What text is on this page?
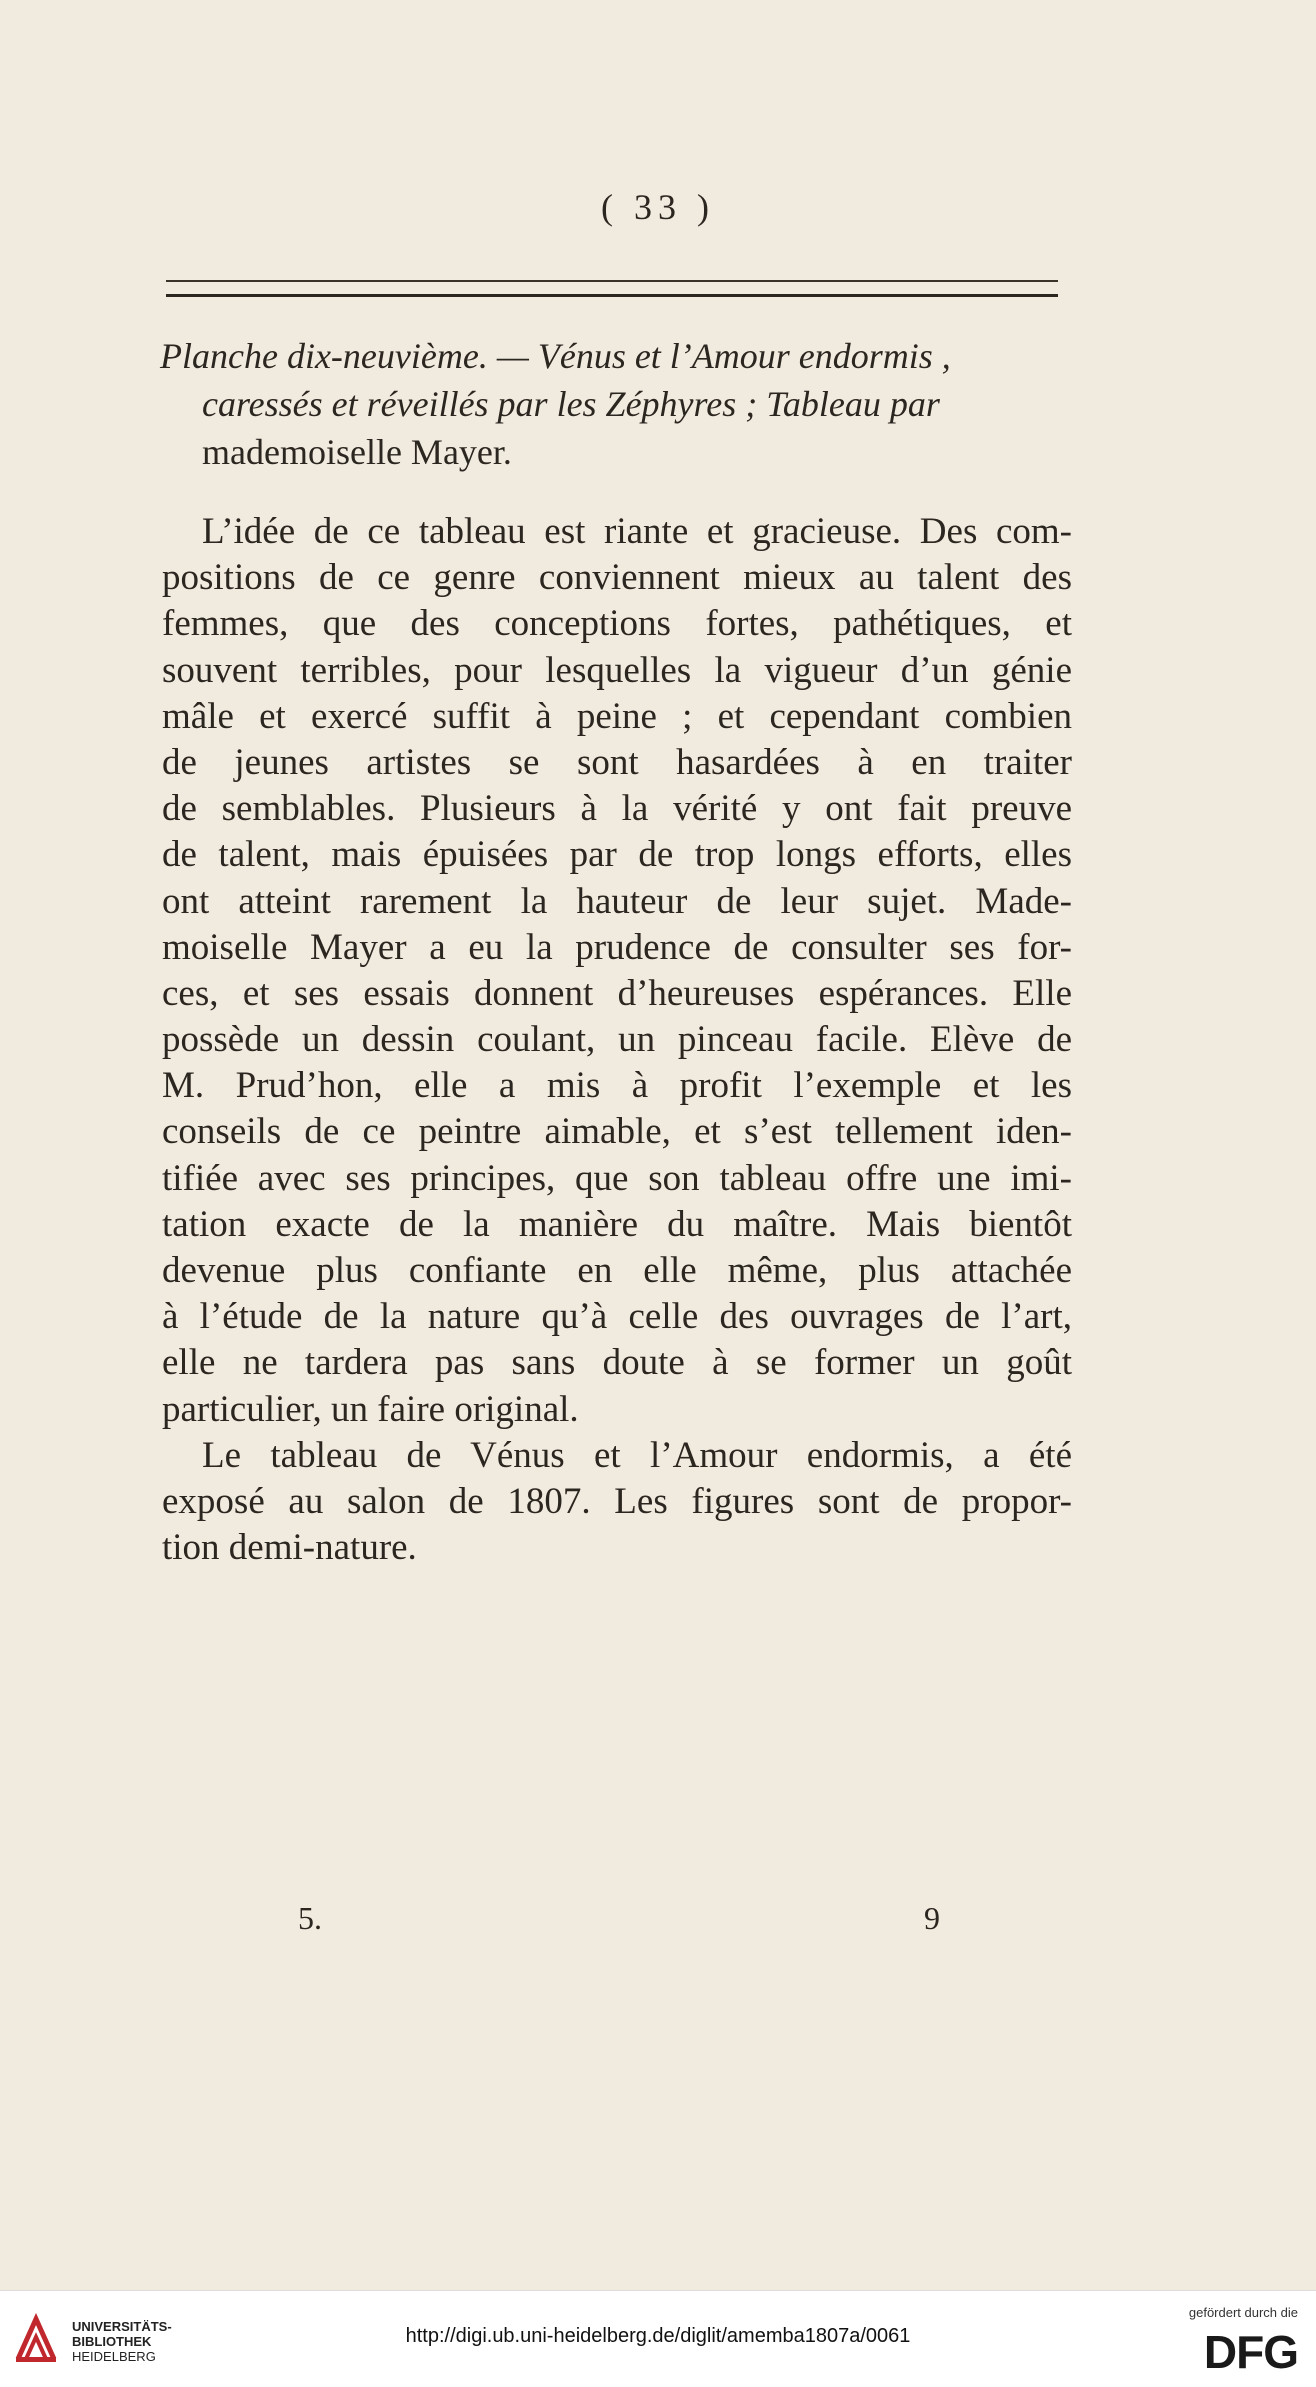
( 33 )
Planche dix-neuvième. — Vénus et l’Amour endormis ,
caressés et réveillés par les Zéphyres ; Tableau par
mademoiselle Mayer.
L’idée de ce tableau est riante et gracieuse. Des com-
positions de ce genre conviennent mieux au talent des
femmes, que des conceptions fortes, pathétiques, et
souvent terribles, pour lesquelles la vigueur d’un génie
mâle et exercé suffit à peine ; et cependant combien
de jeunes artistes se sont hasardées à en traiter
de semblables. Plusieurs à la vérité y ont fait preuve
de talent, mais épuisées par de trop longs efforts, elles
ont atteint rarement la hauteur de leur sujet. Made-
moiselle Mayer a eu la prudence de consulter ses for-
ces, et ses essais donnent d’heureuses espérances. Elle
possède un dessin coulant, un pinceau facile. Elève de
M. Prud’hon, elle a mis à profit l’exemple et les
conseils de ce peintre aimable, et s’est tellement iden-
tifiée avec ses principes, que son tableau offre une imi-
tation exacte de la manière du maître. Mais bientôt
devenue plus confiante en elle même, plus attachée
à l’étude de la nature qu’à celle des ouvrages de l’art,
elle ne tardera pas sans doute à se former un goût
particulier, un faire original.
Le tableau de Vénus et l’Amour endormis, a été
exposé au salon de 1807. Les figures sont de propor-
tion demi-nature.
5.	9
UNIVERSITÄTS-
BIBLIOTHEK
HEIDELBERG
http://digi.ub.uni-heidelberg.de/diglit/amemba1807a/0061
gefördert durch die
DFG
